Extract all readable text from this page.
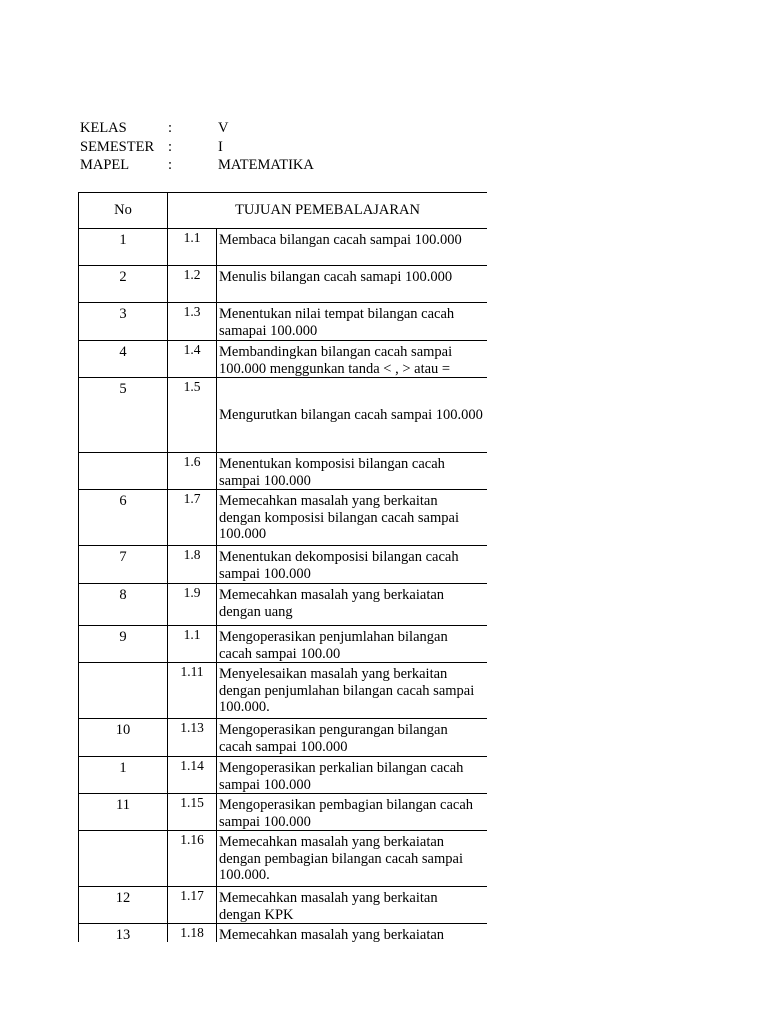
KELAS	:	V
SEMESTER :	I
MAPEL	:	MATEMATIKA
No	TUJUAN PEMEBALAJARAN	
1	1.1	Membaca bilangan cacah sampai 100.000
2	1.2	Menulis bilangan cacah samapi 100.000
3	1.3	Menentukan nilai tempat bilangan cacah samapai 100.000
4	1.4	Membandingkan bilangan cacah sampai 100.000 menggunkan tanda < , > atau =
5	1.5	Mengurutkan bilangan cacah sampai 100.000
	1.6	Menentukan komposisi bilangan cacah sampai 100.000
6	1.7	Memecahkan masalah yang berkaitan dengan komposisi bilangan cacah sampai 100.000
7	1.8	Menentukan dekomposisi bilangan cacah sampai 100.000
8	1.9	Memecahkan masalah yang berkaiatan dengan uang
9	1.1	Mengoperasikan penjumlahan bilangan cacah sampai 100.00
	1.11	Menyelesaikan masalah yang berkaitan dengan penjumlahan bilangan cacah sampai 100.000.
10	1.13	Mengoperasikan pengurangan bilangan cacah sampai 100.000
1	1.14	Mengoperasikan perkalian bilangan cacah sampai 100.000
11	1.15	Mengoperasikan pembagian bilangan cacah sampai 100.000
	1.16	Memecahkan masalah yang berkaiatan dengan pembagian bilangan cacah sampai 100.000.
12	1.17	Memecahkan masalah yang berkaitan dengan KPK
13	1.18	Memecahkan masalah yang berkaiatan
